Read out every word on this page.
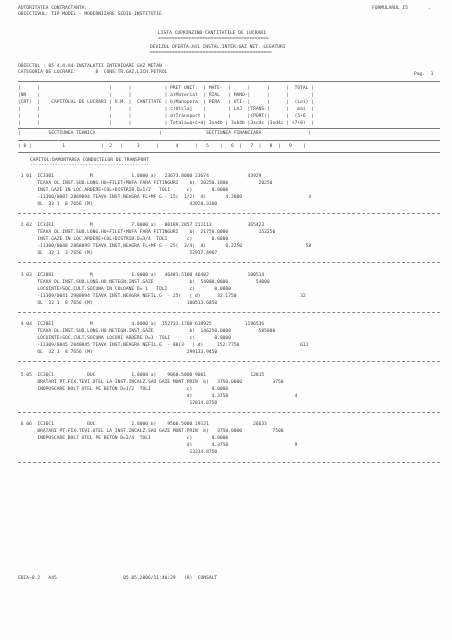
AUTORITATEA CONTRACTANTA:	FORMULARUL I5	.
OBIECTIVUL: TIP MODEL - MODERNIZARE SEDIU INSTITUTIE
LISTA CUPRINZIND CANTITATILE DE LUCRARI
========================================
DEVIZUL OFERTA:A41 INSTAL.INTER.GAZ NET.-LEGATURI
============================================
OBIECTUL : 05 4.4.A4-INSTALATII INTERIOARE GAZ METAN
CATEGORIA DE LUCRARI:       B  CONS.TR.GAZ,LICH.PETROL	Pag.  1
|      |                         |      |            | PRET UNIT.  | MATE-  |      |      |      |  TOTAL |
|NR    |                         |      |            | a)Material  | RIAL   | MANO-|      |      |        |
|CRT)  |    CAPITOLUL DE LUCRARI | U.M. |  CANTITATE | b)Manopera  | PERA   | UTI- |      |      |  (Lei) |
|      |                         |      |            | c)Utilaj    |        | LAJ  |TRANS-|      |   mai  |
|      |                         |      |            | d)Transport |        |      |(PORT)|      |  (5+6  |
|      |                         |      |            | Totala=a+c+d| 3xa4b | 3xb4b |3xc4c |3xd4c | +7+8)  |
|          SECTIUNEA TEHNICA                       |                SECTIUNEA FINANCIARA                 |
| 0 |           1             |  2   |     3      |      4      |   5    |   6  |   7  |   8  |   9    |
CAPITOL:DAMONTAREA CONDUCTELOR DE TRANSPORT
-------------------------------------------
1 01  IC33B1             M              1.0000 a)   23673.8000 23674              43929
TEAVA OL.INST.SUD.LONG.HO+FILET+MUFA FARA FITINGURI    b)  20250.1800           20250
INST.GAZE IN LOC.ARDERE+COL+DISTRIB.D=1/2   TOLI      c)       0.0000
-11300/0007 2869094 TEAVA INST.NEAGRA FL+MF G - 15(  1/2)  d)       4.2000                        4
OL  32 1  8 7656 (M)                                   43928.3100
2 02  IC33E1             M              7.0000 a)   80189.2857 211113             365423
TEAVA OL.INST.SUD.LONG.HO+FILET+MUFA FARA FITINGURI    b)  21750.0000           152250
INST.GAZE IN LOC.ARDERE+COL+DISTRIB.D=3/4  TOLI       c)       0.0000
-11300/0048 2868099 TEAVA INST.NEAGRA FL+MF G - 25(  3/4)  d)       8.2250                       58
OL  32 1  3 7656 (M)                                   52917.4967
3 03  IC28B1             M              1.0000 a)   46481.5100 46482              100514
TEAVA OL.INST.SUD.LONG.HO.NETEGN.INST.GAZE             b)  54000.0000          54000
LOCUINTE+SOC.CULT.SOCUNA IN COLOANE D= 1   TOLI        c)       0.0000
-11309/0041 2980094 TEAVA INST.NEAGRA NEFIL.G  - 25(   | d)      32.1750                       32
OL  32 1  8 7656 (M)                                  100513.6850
4 04  IC28E1             M              4.0000 a)  152731.1700 610925            1196536
TEAVA OL.INST.SUD.LONG.HO.NETEGN.INST.GAZE             b)  146250.0000          585000
LOCUINTE+SOC.CULT.SOCUNA LOCURI ARDERE D=3  TOLI       c)       0.0000
-11309/0045 2840045 TEAVA INST.NEAGRA NEFIL.G  - 80(3   | d)     152.7750                      611
OL  32 1  8 7656 (M)                                  299133.9450
5 05  IC36C1            BUC             1.0000 a)    9060.5000 9061                12815
BRATARI PT.FIX.TEVI.OTEL LA INST.INCALZ.SAU GAZE MONT.PRIN  b)   3750.0000           3750
INDPUSCARE BOLT OTEL PE BETON D=1/2  TOLI             c)       0.0000
d)       4.3750                        4
12814.8750
6 06  IC36C1            BUC             2.0000 b)    9560.5000 19121                26633
BRATARI PT.FIX.TEVI.OTEL LA INST.INCALZ.SAU GAZE MONT.PRIN  b)   3750.0000           7500
INDPUSCARE BOLT OTEL PE BETON D=3/4  TOLI             c)       0.0000
d)       4.3750                        9
13314.8750
EDIA-8.2   A45                        05.05.2006/11:40:29   (R)  CONSALT
